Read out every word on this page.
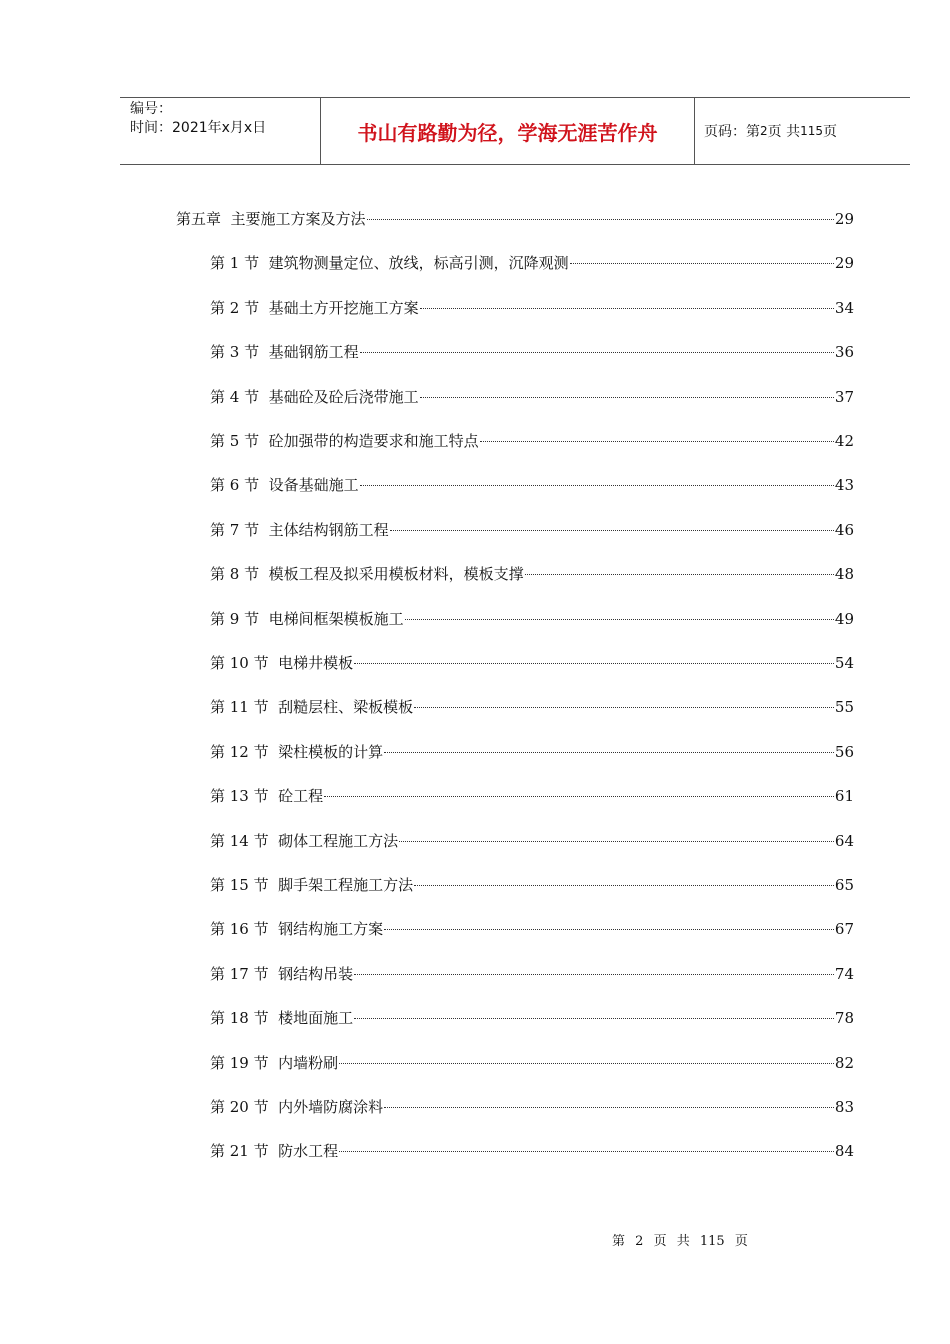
编号：
时间：2021年x月x日	书山有路勤为径，学海无涯苦作舟	页码：第 2 页 共 115 页
第五章  主要施工方案及方法	29
第 1 节  建筑物测量定位、放线，标高引测，沉降观测	29
第 2 节  基础土方开挖施工方案	34
第 3 节  基础钢筋工程	36
第 4 节  基础砼及砼后浇带施工	37
第 5 节  砼加强带的构造要求和施工特点	42
第 6 节  设备基础施工	43
第 7 节  主体结构钢筋工程	46
第 8 节  模板工程及拟采用模板材料，模板支撑	48
第 9 节  电梯间框架模板施工	49
第 10 节  电梯井模板	54
第 11 节  刮糙层柱、梁板模板	55
第 12 节  梁柱模板的计算	56
第 13 节  砼工程	61
第 14 节  砌体工程施工方法	64
第 15 节  脚手架工程施工方法	65
第 16 节  钢结构施工方案	67
第 17 节  钢结构吊装	74
第 18 节  楼地面施工	78
第 19 节  内墙粉刷	82
第 20 节  内外墙防腐涂料	83
第 21 节  防水工程	84
第 2 页 共 115 页
